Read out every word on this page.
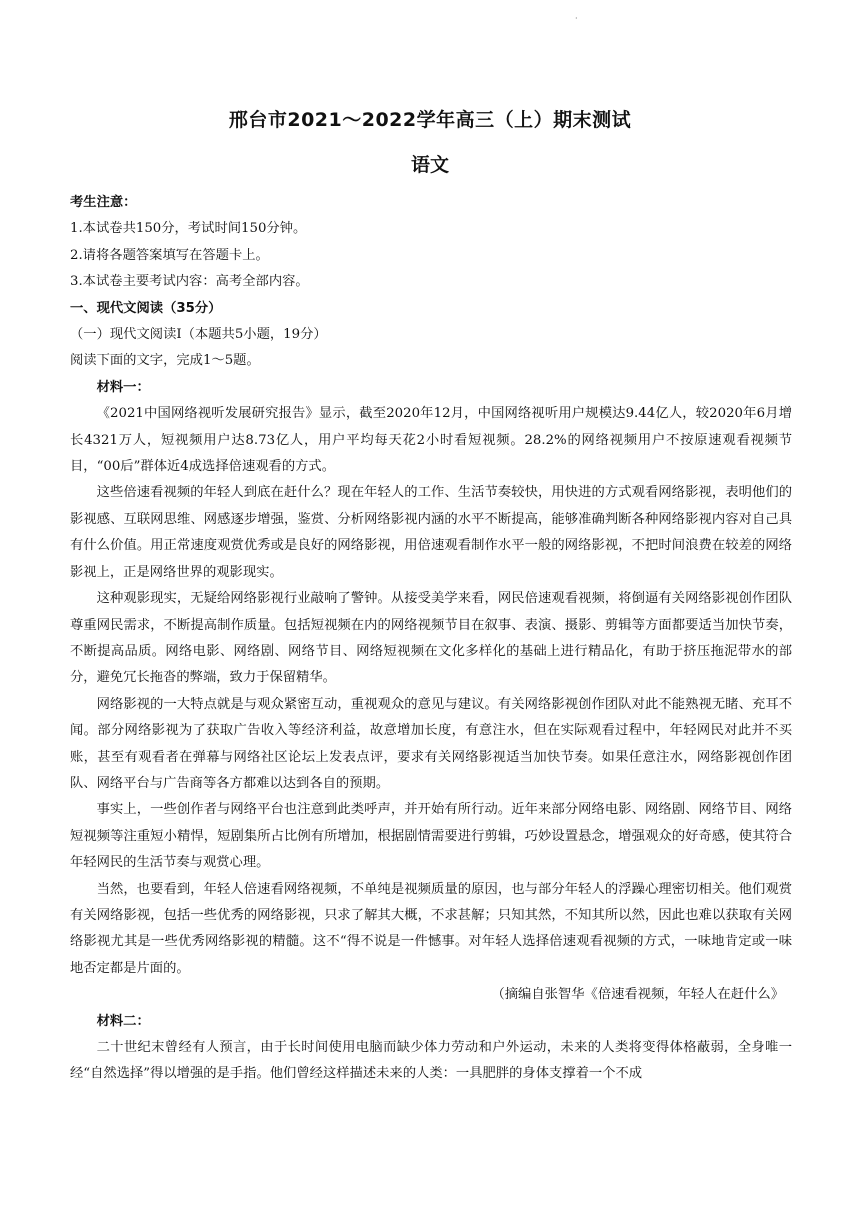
·
邢台市2021～2022学年高三（上）期末测试
语文

考生注意：

1.本试卷共150分，考试时间150分钟。

2.请将各题答案填写在答题卡上。

3.本试卷主要考试内容：高考全部内容。

一、现代文阅读（35分）

（一）现代文阅读Ⅰ（本题共5小题，19分）

阅读下面的文字，完成1～5题。

材料一：

《2021中国网络视听发展研究报告》显示，截至2020年12月，中国网络视听用户规模达9.44亿人，较2020年6月增长4321万人，短视频用户达8.73亿人，用户平均每天花2小时看短视频。28.2%的网络视频用户不按原速观看视频节目，“00后”群体近4成选择倍速观看的方式。

这些倍速看视频的年轻人到底在赶什么？现在年轻人的工作、生活节奏较快，用快进的方式观看网络影视，表明他们的影视感、互联网思维、网感逐步增强，鉴赏、分析网络影视内涵的水平不断提高，能够准确判断各种网络影视内容对自己具有什么价值。用正常速度观赏优秀或是良好的网络影视，用倍速观看制作水平一般的网络影视，不把时间浪费在较差的网络影视上，正是网络世界的观影现实。

这种观影现实，无疑给网络影视行业敲响了警钟。从接受美学来看，网民倍速观看视频，将倒逼有关网络影视创作团队尊重网民需求，不断提高制作质量。包括短视频在内的网络视频节目在叙事、表演、摄影、剪辑等方面都要适当加快节奏，不断提高品质。网络电影、网络剧、网络节目、网络短视频在文化多样化的基础上进行精品化，有助于挤压拖泥带水的部分，避免冗长拖沓的弊端，致力于保留精华。

网络影视的一大特点就是与观众紧密互动，重视观众的意见与建议。有关网络影视创作团队对此不能熟视无睹、充耳不闻。部分网络影视为了获取广告收入等经济利益，故意增加长度，有意注水，但在实际观看过程中，年轻网民对此并不买账，甚至有观看者在弹幕与网络社区论坛上发表点评，要求有关网络影视适当加快节奏。如果任意注水，网络影视创作团队、网络平台与广告商等各方都难以达到各自的预期。

事实上，一些创作者与网络平台也注意到此类呼声，并开始有所行动。近年来部分网络电影、网络剧、网络节目、网络短视频等注重短小精悍，短剧集所占比例有所增加，根据剧情需要进行剪辑，巧妙设置悬念，增强观众的好奇感，使其符合年轻网民的生活节奏与观赏心理。

当然，也要看到，年轻人倍速看网络视频，不单纯是视频质量的原因，也与部分年轻人的浮躁心理密切相关。他们观赏有关网络影视，包括一些优秀的网络影视，只求了解其大概，不求甚解；只知其然，不知其所以然，因此也难以获取有关网络影视尤其是一些优秀网络影视的精髓。这不“得不说是一件憾事。对年轻人选择倍速观看视频的方式，一味地肯定或一味地否定都是片面的。

（摘编自张智华《倍速看视频，年轻人在赶什么》

材料二：

二十世纪末曾经有人预言，由于长时间使用电脑而缺少体力劳动和户外运动，未来的人类将变得体格蔽弱，全身唯一经“自然选择”得以增强的是手指。他们曾经这样描述未来的人类：一具肥胖的身体支撑着一个不成
